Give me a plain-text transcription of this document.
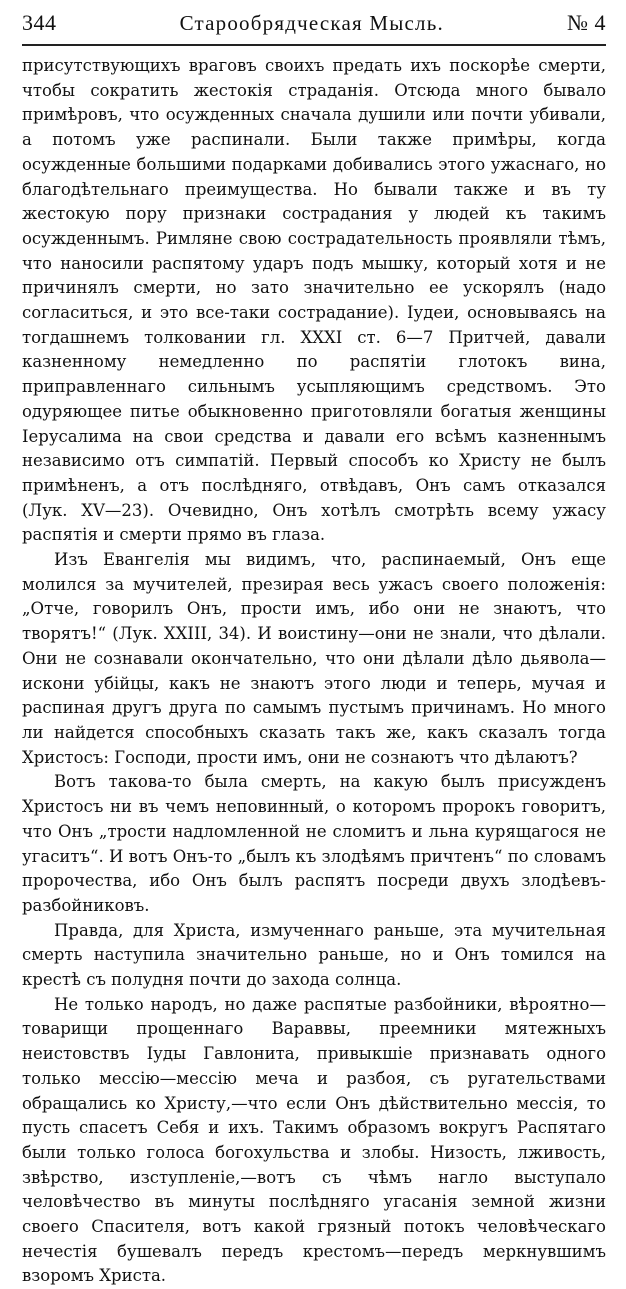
344	Старообрядческая Мысль.	№ 4

присутствующихъ враговъ своихъ предать ихъ поскорѣе смерти, чтобы сократить жестокія страданія. Отсюда много бывало примѣровъ, что осужденных сначала душили или почти убивали, а потомъ уже распинали. Были также примѣры, когда осужденные большими подарками добивались этого ужаснаго, но благодѣтельнаго преимущества. Но бывали также и въ ту жестокую пору признаки сострадания у людей къ такимъ осужденнымъ. Римляне свою сострадательность проявляли тѣмъ, что наносили распятому ударъ подъ мышку, который хотя и не причинялъ смерти, но зато значительно ее ускорялъ (надо согласиться, и это все-таки сострадание). Іудеи, основываясь на тогдашнемъ толковании гл. XXXI ст. 6—7 Притчей, давали казненному немедленно по распятіи глотокъ вина, приправленнаго сильнымъ усыпляющимъ средствомъ. Это одуряющее питье обыкновенно приготовляли богатыя женщины Іерусалима на свои средства и давали его всѣмъ казненнымъ независимо отъ симпатій. Первый способъ ко Христу не былъ примѣненъ, а отъ послѣдняго, отвѣдавъ, Онъ самъ отказался (Лук. XV—23). Очевидно, Онъ хотѣлъ смотрѣть всему ужасу распятія и смерти прямо въ глаза.

Изъ Евангелія мы видимъ, что, распинаемый, Онъ еще молился за мучителей, презирая весь ужасъ своего положенія: „Отче, говорилъ Онъ, прости имъ, ибо они не знаютъ, что творятъ!“ (Лук. XXIII, 34). И воистину—они не знали, что дѣлали. Они не сознавали окончательно, что они дѣлали дѣло дьявола—искони убійцы, какъ не знаютъ этого люди и теперь, мучая и распиная другъ друга по самымъ пустымъ причинамъ. Но много ли найдется способныхъ сказать такъ же, какъ сказалъ тогда Христосъ: Господи, прости имъ, они не сознаютъ что дѣлаютъ?

Вотъ такова-то была смерть, на какую былъ присужденъ Христосъ ни въ чемъ неповинный, о которомъ пророкъ говоритъ, что Онъ „трости надломленной не сломитъ и льна курящагося не угаситъ“. И вотъ Онъ-то „былъ къ злодѣямъ причтенъ“ по словамъ пророчества, ибо Онъ былъ распятъ посреди двухъ злодѣевъ-разбойниковъ.

Правда, для Христа, измученнаго раньше, эта мучительная смерть наступила значительно раньше, но и Онъ томился на крестѣ съ полудня почти до захода солнца.

Не только народъ, но даже распятые разбойники, вѣроятно—товарищи прощеннаго Вараввы, преемники мятежныхъ неистовствъ Іуды Гавлонита, привыкшіе признавать одного только мессію—мессію меча и разбоя, съ ругательствами обращались ко Христу,—что если Онъ дѣйствительно мессія, то пусть спасетъ Себя и ихъ. Такимъ образомъ вокругъ Распятаго были только голоса богохульства и злобы. Низость, лживость, звѣрство, изступленіе,—вотъ съ чѣмъ нагло выступало человѣчество въ минуты послѣдняго угасанія земной жизни своего Спасителя, вотъ какой грязный потокъ человѣческаго нечестія бушевалъ передъ крестомъ—передъ меркнувшимъ взоромъ Христа.
